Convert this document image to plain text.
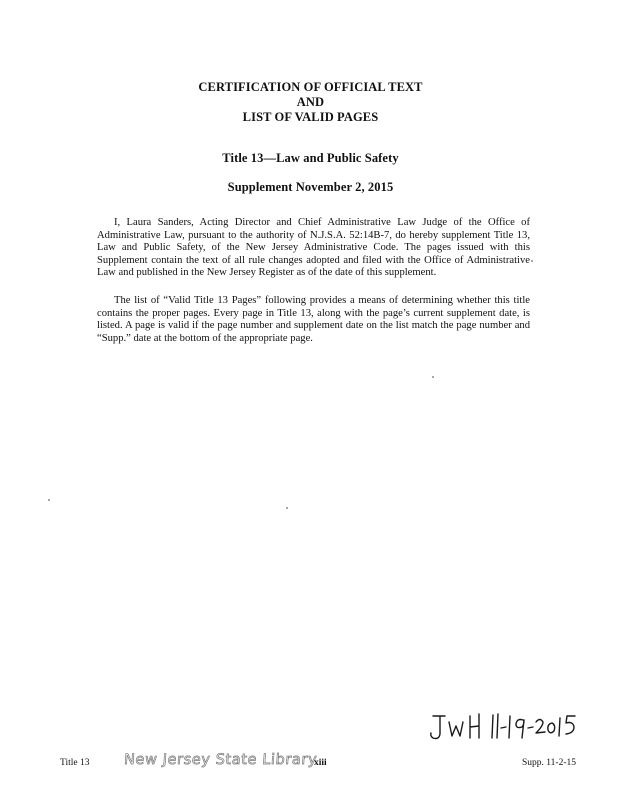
CERTIFICATION OF OFFICIAL TEXT
AND
LIST OF VALID PAGES
Title 13—Law and Public Safety
Supplement November 2, 2015

I, Laura Sanders, Acting Director and Chief Administrative Law Judge of the Office of Administrative Law, pursuant to the authority of N.J.S.A. 52:14B-7, do hereby supplement Title 13, Law and Public Safety, of the New Jersey Administrative Code. The pages issued with this Supplement contain the text of all rule changes adopted and filed with the Office of Administrative Law and published in the New Jersey Register as of the date of this supplement.

The list of “Valid Title 13 Pages” following provides a means of determining whether this title contains the proper pages. Every page in Title 13, along with the page’s current supplement date, is listed. A page is valid if the page number and supplement date on the list match the page number and “Supp.” date at the bottom of the appropriate page.

Title 13 New Jersey State Library
xiii	Supp. 11-2-15
